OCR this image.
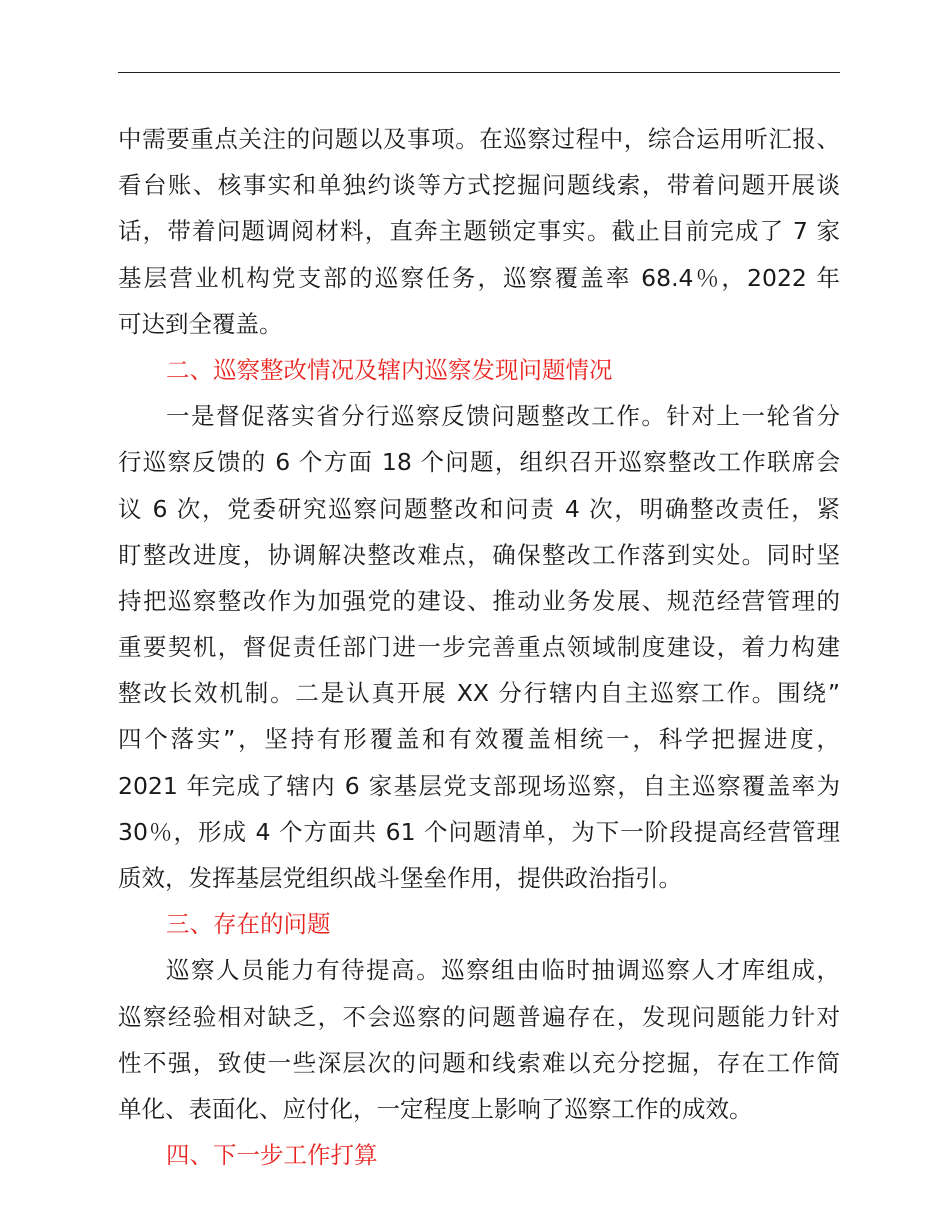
中需要重点关注的问题以及事项。在巡察过程中，综合运用听汇报、
看台账、核事实和单独约谈等方式挖掘问题线索，带着问题开展谈
话，带着问题调阅材料，直奔主题锁定事实。截止目前完成了 7 家
基层营业机构党支部的巡察任务，巡察覆盖率 68.4％，2022 年
可达到全覆盖。
二、巡察整改情况及辖内巡察发现问题情况
一是督促落实省分行巡察反馈问题整改工作。针对上一轮省分
行巡察反馈的 6 个方面 18 个问题，组织召开巡察整改工作联席会
议 6 次，党委研究巡察问题整改和问责 4 次，明确整改责任，紧
盯整改进度，协调解决整改难点，确保整改工作落到实处。同时坚
持把巡察整改作为加强党的建设、推动业务发展、规范经营管理的
重要契机，督促责任部门进一步完善重点领域制度建设，着力构建
整改长效机制。二是认真开展 XX 分行辖内自主巡察工作。围绕”
四个落实”，坚持有形覆盖和有效覆盖相统一，科学把握进度，
2021 年完成了辖内 6 家基层党支部现场巡察，自主巡察覆盖率为
30％，形成 4 个方面共 61 个问题清单，为下一阶段提高经营管理
质效，发挥基层党组织战斗堡垒作用，提供政治指引。
三、存在的问题
巡察人员能力有待提高。巡察组由临时抽调巡察人才库组成，
巡察经验相对缺乏，不会巡察的问题普遍存在，发现问题能力针对
性不强，致使一些深层次的问题和线索难以充分挖掘，存在工作简
单化、表面化、应付化，一定程度上影响了巡察工作的成效。
四、下一步工作打算
